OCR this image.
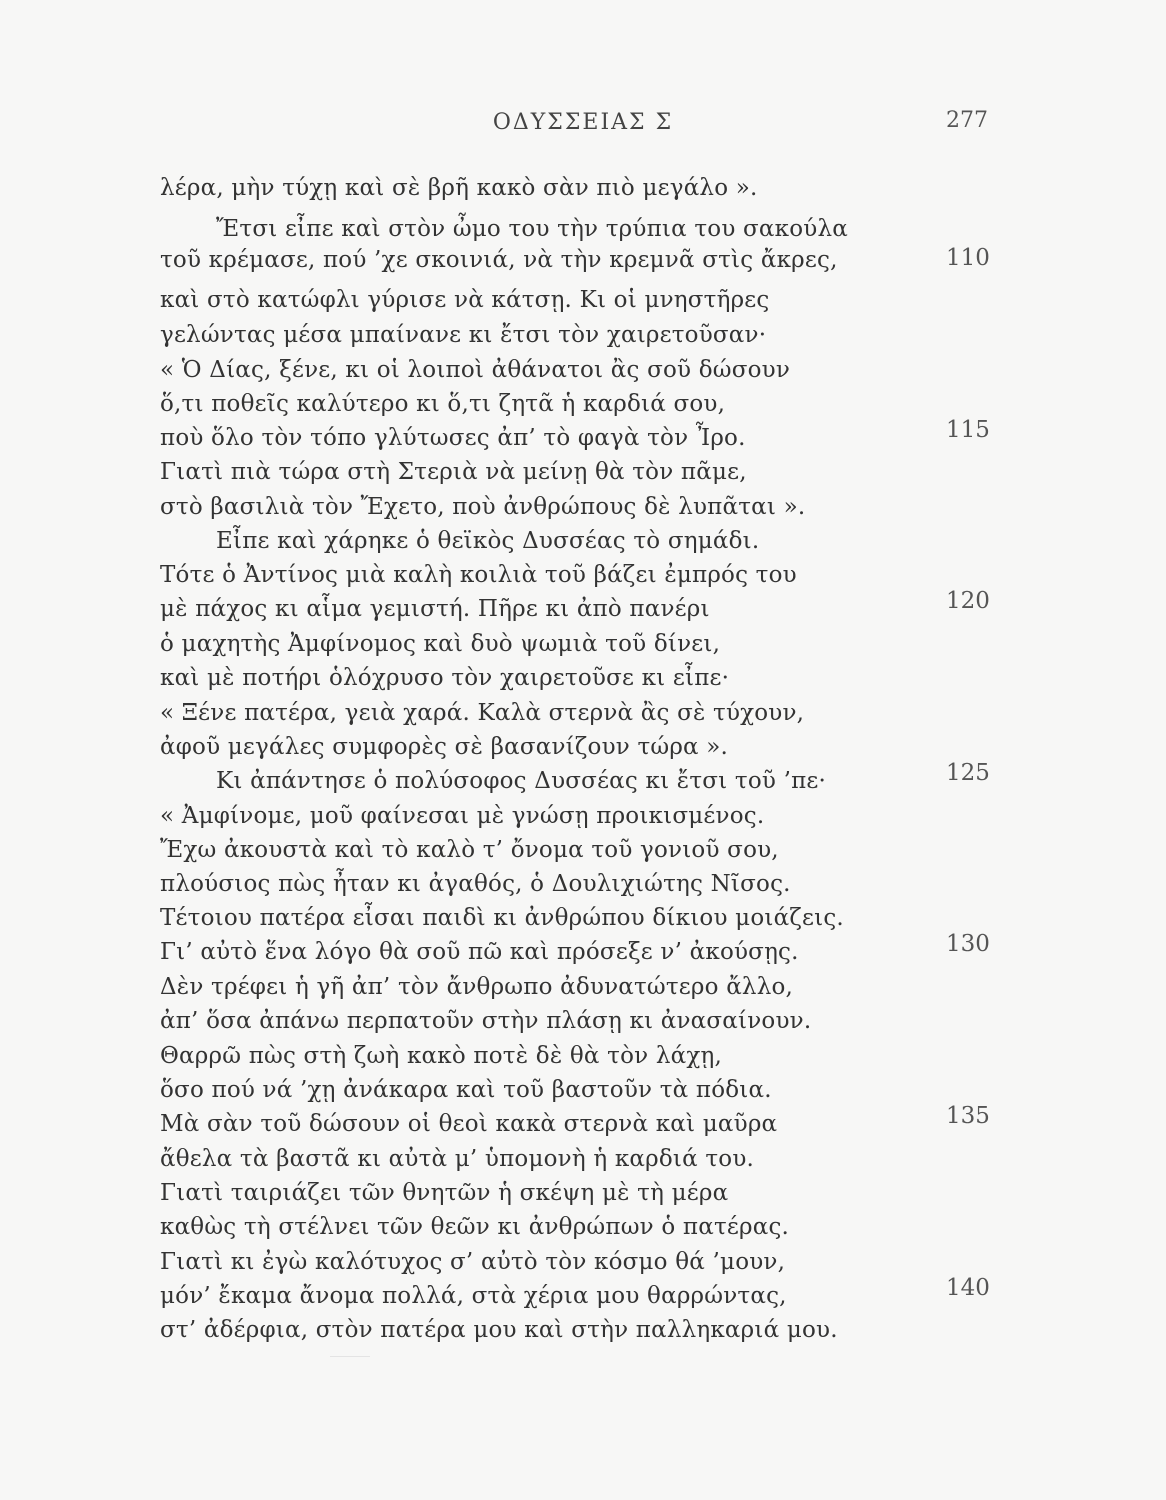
ΟΔΥΣΣΕΙΑΣ Σ	277
λέρα, μὴν τύχῃ καὶ σὲ βρῆ κακὸ σὰν πιὸ μεγάλο ».
Ἔτσι εἶπε καὶ στὸν ὦμο του τὴν τρύπια του σακούλα
τοῦ κρέμασε, πού ’χε σκοινιά, νὰ τὴν κρεμνᾶ στὶς ἄκρες,
καὶ στὸ κατώφλι γύρισε νὰ κάτσῃ. Κι οἱ μνηστῆρες
γελώντας μέσα μπαίνανε κι ἔτσι τὸν χαιρετοῦσαν·
« Ὁ Δίας, ξένε, κι οἱ λοιποὶ ἀθάνατοι ἂς σοῦ δώσουν
ὅ,τι ποθεῖς καλύτερο κι ὅ,τι ζητᾶ ἡ καρδιά σου,
ποὺ ὅλο τὸν τόπο γλύτωσες ἀπ’ τὸ φαγὰ τὸν Ἶρο.
Γιατὶ πιὰ τώρα στὴ Στεριὰ νὰ μείνῃ θὰ τὸν πᾶμε,
στὸ βασιλιὰ τὸν Ἔχετο, ποὺ ἀνθρώπους δὲ λυπᾶται ».
Εἶπε καὶ χάρηκε ὁ θεϊκὸς Δυσσέας τὸ σημάδι.
Τότε ὁ Ἀντίνος μιὰ καλὴ κοιλιὰ τοῦ βάζει ἐμπρός του
μὲ πάχος κι αἷμα γεμιστή. Πῆρε κι ἀπὸ πανέρι
ὁ μαχητὴς Ἀμφίνομος καὶ δυὸ ψωμιὰ τοῦ δίνει,
καὶ μὲ ποτήρι ὁλόχρυσο τὸν χαιρετοῦσε κι εἶπε·
« Ξένε πατέρα, γειὰ χαρά. Καλὰ στερνὰ ἂς σὲ τύχουν,
ἀφοῦ μεγάλες συμφορὲς σὲ βασανίζουν τώρα ».
Κι ἀπάντησε ὁ πολύσοφος Δυσσέας κι ἔτσι τοῦ ’πε·
« Ἀμφίνομε, μοῦ φαίνεσαι μὲ γνώσῃ προικισμένος.
Ἔχω ἀκουστὰ καὶ τὸ καλὸ τ’ ὄνομα τοῦ γονιοῦ σου,
πλούσιος πὼς ἦταν κι ἀγαθός, ὁ Δουλιχιώτης Νῖσος.
Τέτοιου πατέρα εἶσαι παιδὶ κι ἀνθρώπου δίκιου μοιάζεις.
Γι’ αὐτὸ ἕνα λόγο θὰ σοῦ πῶ καὶ πρόσεξε ν’ ἀκούσῃς.
Δὲν τρέφει ἡ γῆ ἀπ’ τὸν ἄνθρωπο ἀδυνατώτερο ἄλλο,
ἀπ’ ὅσα ἀπάνω περπατοῦν στὴν πλάσῃ κι ἀνασαίνουν.
Θαρρῶ πὼς στὴ ζωὴ κακὸ ποτὲ δὲ θὰ τὸν λάχῃ,
ὅσο πού νά ’χῃ ἀνάκαρα καὶ τοῦ βαστοῦν τὰ πόδια.
Μὰ σὰν τοῦ δώσουν οἱ θεοὶ κακὰ στερνὰ καὶ μαῦρα
ἄθελα τὰ βαστᾶ κι αὐτὰ μ’ ὑπομονὴ ἡ καρδιά του.
Γιατὶ ταιριάζει τῶν θνητῶν ἡ σκέψη μὲ τὴ μέρα
καθὼς τὴ στέλνει τῶν θεῶν κι ἀνθρώπων ὁ πατέρας.
Γιατὶ κι ἐγὼ καλότυχος σ’ αὐτὸ τὸν κόσμο θά ’μουν,
μόν’ ἔκαμα ἄνομα πολλά, στὰ χέρια μου θαρρώντας,
στ’ ἀδέρφια, στὸν πατέρα μου καὶ στὴν παλληκαριά μου.
110
115
120
125
130
135
140
